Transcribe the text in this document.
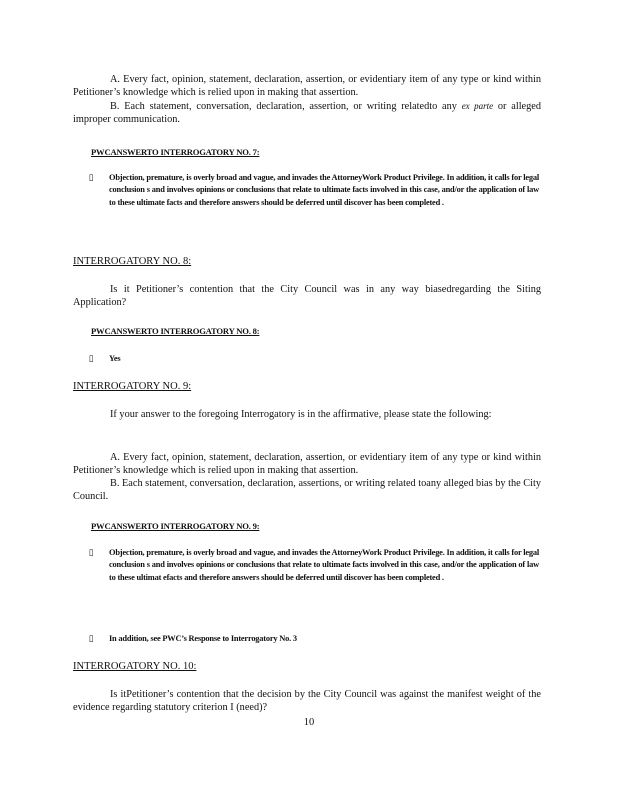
A. Every fact, opinion, statement, declaration, assertion, or evidentiary item of any type or kind within Petitioner’s knowledge which is relied upon in making that assertion.
B. Each statement, conversation, declaration, assertion, or writing relatedto any ex parte or alleged improper communication.
PWCANSWERTO INTERROGATORY NO. 7:
▯ Objection, premature, is overly broad and vague, and invades the AttorneyWork Product Privilege. In addition, it calls for legal conclusion s and involves opinions or conclusions that relate to ultimate facts involved in this case, and/or the application of law to these ultimate facts and therefore answers should be deferred until discover has been completed .
INTERROGATORY NO. 8:
Is it Petitioner’s contention that the City Council was in any way biasedregarding the Siting Application?
PWCANSWERTO INTERROGATORY NO. 8:
▯ Yes
INTERROGATORY NO. 9:
If your answer to the foregoing Interrogatory is in the affirmative, please state the following:
A. Every fact, opinion, statement, declaration, assertion, or evidentiary item of any type or kind within Petitioner’s knowledge which is relied upon in making that assertion.
B. Each statement, conversation, declaration, assertions, or writing related toany alleged bias by the City Council.
PWCANSWERTO INTERROGATORY NO. 9:
▯ Objection, premature, is overly broad and vague, and invades the AttorneyWork Product Privilege. In addition, it calls for legal conclusion s and involves opinions or conclusions that relate to ultimate facts involved in this case, and/or the application of law to these ultimat efacts and therefore answers should be deferred until discover has been completed .
▯ In addition, see PWC’s Response to Interrogatory No. 3
INTERROGATORY NO. 10:
Is itPetitioner’s contention that the decision by the City Council was against the manifest weight of the evidence regarding statutory criterion I (need)?
10
